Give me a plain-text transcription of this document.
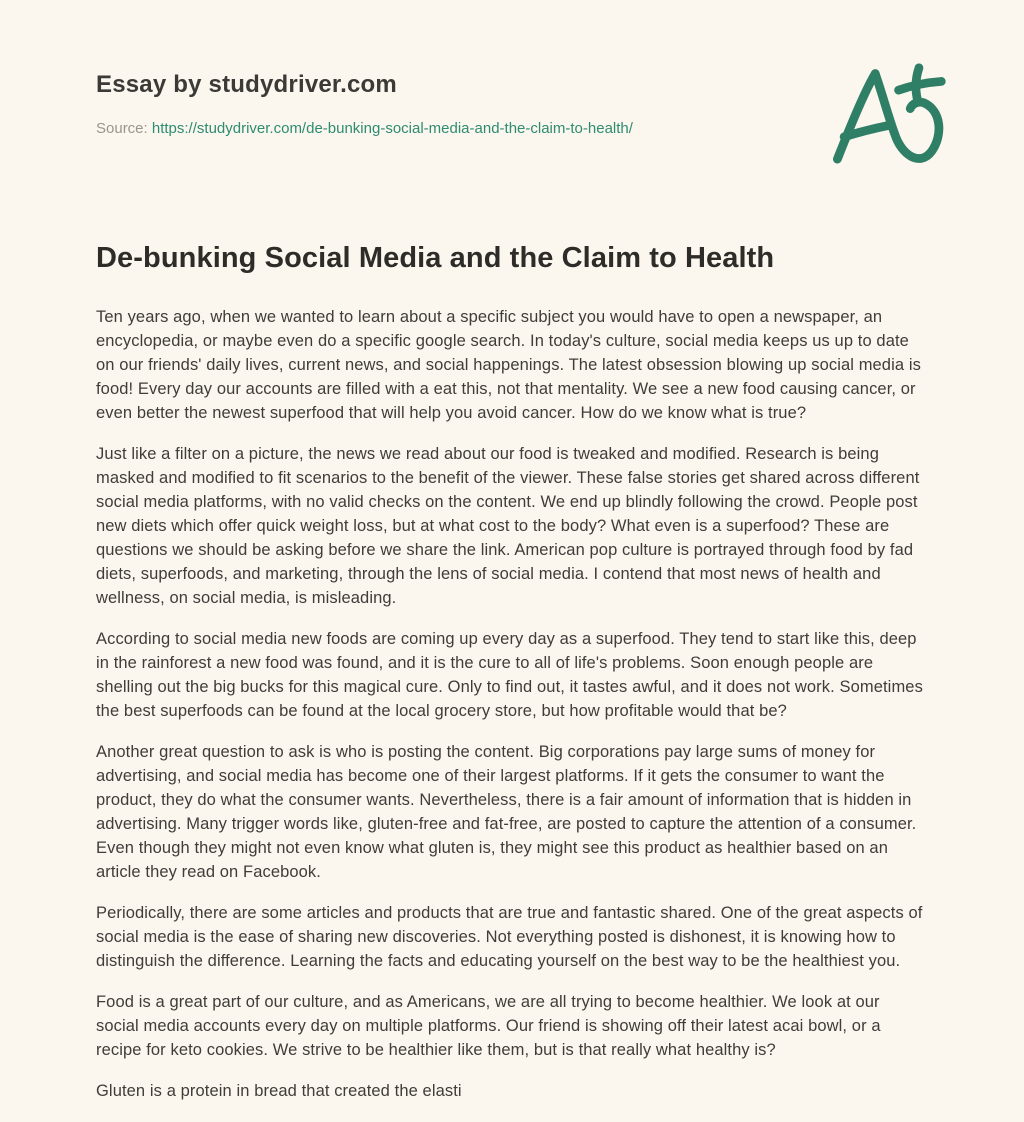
Essay by studydriver.com
Source: https://studydriver.com/de-bunking-social-media-and-the-claim-to-health/
De-bunking Social Media and the Claim to Health

Ten years ago, when we wanted to learn about a specific subject you would have to open a newspaper, an encyclopedia, or maybe even do a specific google search. In today's culture, social media keeps us up to date on our friends' daily lives, current news, and social happenings. The latest obsession blowing up social media is food! Every day our accounts are filled with a eat this, not that mentality. We see a new food causing cancer, or even better the newest superfood that will help you avoid cancer. How do we know what is true?

Just like a filter on a picture, the news we read about our food is tweaked and modified. Research is being masked and modified to fit scenarios to the benefit of the viewer. These false stories get shared across different social media platforms, with no valid checks on the content. We end up blindly following the crowd. People post new diets which offer quick weight loss, but at what cost to the body? What even is a superfood? These are questions we should be asking before we share the link. American pop culture is portrayed through food by fad diets, superfoods, and marketing, through the lens of social media. I contend that most news of health and wellness, on social media, is misleading.

According to social media new foods are coming up every day as a superfood. They tend to start like this, deep in the rainforest a new food was found, and it is the cure to all of life's problems. Soon enough people are shelling out the big bucks for this magical cure. Only to find out, it tastes awful, and it does not work. Sometimes the best superfoods can be found at the local grocery store, but how profitable would that be?

Another great question to ask is who is posting the content. Big corporations pay large sums of money for advertising, and social media has become one of their largest platforms. If it gets the consumer to want the product, they do what the consumer wants. Nevertheless, there is a fair amount of information that is hidden in advertising. Many trigger words like, gluten-free and fat-free, are posted to capture the attention of a consumer. Even though they might not even know what gluten is, they might see this product as healthier based on an article they read on Facebook.

Periodically, there are some articles and products that are true and fantastic shared. One of the great aspects of social media is the ease of sharing new discoveries. Not everything posted is dishonest, it is knowing how to distinguish the difference. Learning the facts and educating yourself on the best way to be the healthiest you.

Food is a great part of our culture, and as Americans, we are all trying to become healthier. We look at our social media accounts every day on multiple platforms. Our friend is showing off their latest acai bowl, or a recipe for keto cookies. We strive to be healthier like them, but is that really what healthy is?

Gluten is a protein in bread that created the elasti
